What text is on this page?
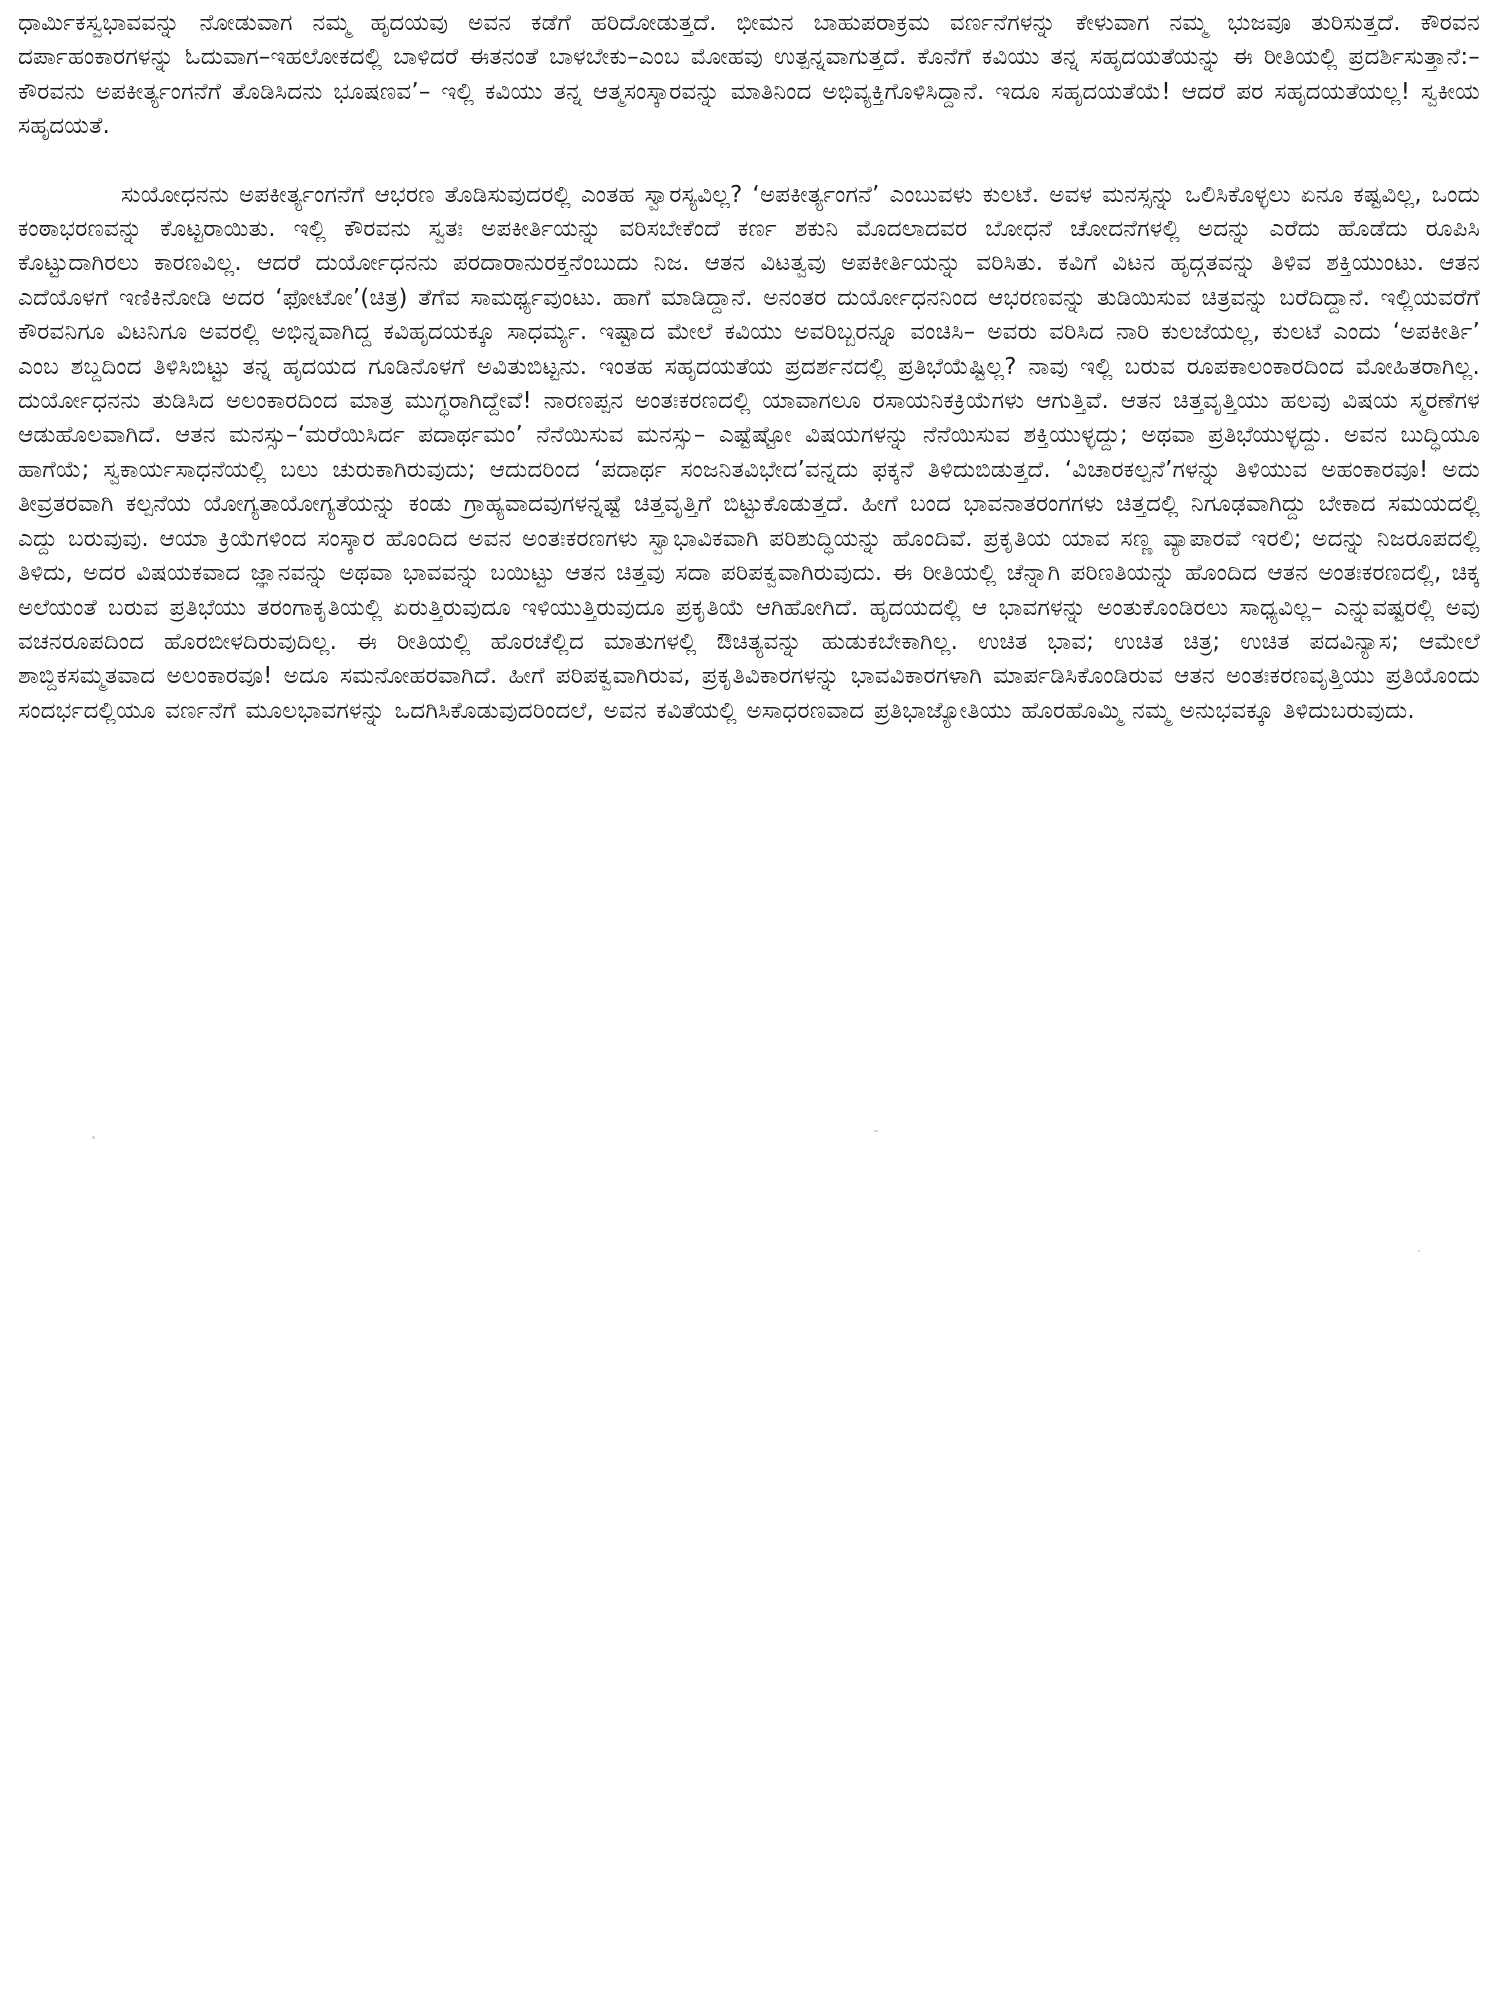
ಧಾರ್ಮಿಕಸ್ವಭಾವವನ್ನು ನೋಡುವಾಗ ನಮ್ಮ ಹೃದಯವು ಅವನ ಕಡೆಗೆ ಹರಿದೋಡುತ್ತದೆ. ಭೀಮನ ಬಾಹುಪರಾಕ್ರಮ ವರ್ಣನೆಗಳನ್ನು ಕೇಳುವಾಗ ನಮ್ಮ ಭುಜವೂ ತುರಿಸುತ್ತದೆ. ಕೌರವನ ದರ್ಪಾಹಂಕಾರಗಳನ್ನು ಓದುವಾಗ–ಇಹಲೋಕದಲ್ಲಿ ಬಾಳಿದರೆ ಈತನಂತೆ ಬಾಳಬೇಕು–ಎಂಬ ಮೋಹವು ಉತ್ಪನ್ನವಾಗುತ್ತದೆ. ಕೊನೆಗೆ ಕವಿಯು ತನ್ನ ಸಹೃದಯತೆಯನ್ನು ಈ ರೀತಿಯಲ್ಲಿ ಪ್ರದರ್ಶಿಸುತ್ತಾನೆ:– ಕೌರವನು ಅಪಕೀರ್ತ್ಯಂಗನೆಗೆ ತೊಡಿಸಿದನು ಭೂಷಣವ’– ಇಲ್ಲಿ ಕವಿಯು ತನ್ನ ಆತ್ಮಸಂಸ್ಕಾರವನ್ನು ಮಾತಿನಿಂದ ಅಭಿವ್ಯಕ್ತಿಗೊಳಿಸಿದ್ದಾನೆ. ಇದೂ ಸಹೃದಯತೆಯೆ! ಆದರೆ ಪರ ಸಹೃದಯತೆಯಲ್ಲ! ಸ್ವಕೀಯ ಸಹೃದಯತೆ.

ಸುಯೋಧನನು ಅಪಕೀರ್ತ್ಯಂಗನೆಗೆ ಆಭರಣ ತೊಡಿಸುವುದರಲ್ಲಿ ಎಂತಹ ಸ್ವಾರಸ್ಯವಿಲ್ಲ? ‘ಅಪಕೀರ್ತ್ಯಂಗನೆ’ ಎಂಬುವಳು ಕುಲಟೆ. ಅವಳ ಮನಸ್ಸನ್ನು ಒಲಿಸಿಕೊಳ್ಳಲು ಏನೂ ಕಷ್ಟವಿಲ್ಲ, ಒಂದು ಕಂಠಾಭರಣವನ್ನು ಕೊಟ್ಟರಾಯಿತು. ಇಲ್ಲಿ ಕೌರವನು ಸ್ವತಃ ಅಪಕೀರ್ತಿಯನ್ನು ವರಿಸಬೇಕೆಂದೆ ಕರ್ಣ ಶಕುನಿ ಮೊದಲಾದವರ ಬೋಧನೆ ಚೋದನೆಗಳಲ್ಲಿ ಅದನ್ನು ಎರೆದು ಹೊಡೆದು ರೂಪಿಸಿ ಕೊಟ್ಟುದಾಗಿರಲು ಕಾರಣವಿಲ್ಲ. ಆದರೆ ದುರ್ಯೋಧನನು ಪರದಾರಾನುರಕ್ತನೆಂಬುದು ನಿಜ. ಆತನ ವಿಟತ್ವವು ಅಪಕೀರ್ತಿಯನ್ನು ವರಿಸಿತು. ಕವಿಗೆ ವಿಟನ ಹೃದ್ಗತವನ್ನು ತಿಳಿವ ಶಕ್ತಿಯುಂಟು. ಆತನ ಎದೆಯೊಳಗೆ ಇಣಿಕಿನೋಡಿ ಅದರ ‘ಫೋಟೋ’(ಚಿತ್ರ) ತೆಗೆವ ಸಾಮರ್ಥ್ಯವುಂಟು. ಹಾಗೆ ಮಾಡಿದ್ದಾನೆ. ಅನಂತರ ದುರ್ಯೋಧನನಿಂದ ಆಭರಣವನ್ನು ತುಡಿಯಿಸುವ ಚಿತ್ರವನ್ನು ಬರೆದಿದ್ದಾನೆ. ಇಲ್ಲಿಯವರೆಗೆ ಕೌರವನಿಗೂ ವಿಟನಿಗೂ ಅವರಲ್ಲಿ ಅಭಿನ್ನವಾಗಿದ್ದ ಕವಿಹೃದಯಕ್ಕೂ ಸಾಧರ್ಮ್ಯ. ಇಷ್ಟಾದ ಮೇಲೆ ಕವಿಯು ಅವರಿಬ್ಬರನ್ನೂ ವಂಚಿಸಿ– ಅವರು ವರಿಸಿದ ನಾರಿ ಕುಲಜೆಯಲ್ಲ, ಕುಲಟೆ ಎಂದು ‘ಅಪಕೀರ್ತಿ’ ಎಂಬ ಶಬ್ದದಿಂದ ತಿಳಿಸಿಬಿಟ್ಟು ತನ್ನ ಹೃದಯದ ಗೂಡಿನೊಳಗೆ ಅವಿತುಬಿಟ್ಟನು. ಇಂತಹ ಸಹೃದಯತೆಯ ಪ್ರದರ್ಶನದಲ್ಲಿ ಪ್ರತಿಭೆಯೆಷ್ಟಿಲ್ಲ? ನಾವು ಇಲ್ಲಿ ಬರುವ ರೂಪಕಾಲಂಕಾರದಿಂದ ಮೋಹಿತರಾಗಿಲ್ಲ. ದುರ್ಯೋಧನನು ತುಡಿಸಿದ ಅಲಂಕಾರದಿಂದ ಮಾತ್ರ ಮುಗ್ಧರಾಗಿದ್ದೇವೆ! ನಾರಣಪ್ಪನ ಅಂತಃಕರಣದಲ್ಲಿ ಯಾವಾಗಲೂ ರಸಾಯನಿಕಕ್ರಿಯೆಗಳು ಆಗುತ್ತಿವೆ. ಆತನ ಚಿತ್ತವೃತ್ತಿಯು ಹಲವು ವಿಷಯ ಸ್ಮರಣೆಗಳ ಆಡುಹೊಲವಾಗಿದೆ. ಆತನ ಮನಸ್ಸು–‘ಮರೆಯಿಸಿರ್ದ ಪದಾರ್ಥಮಂ’ ನೆನೆಯಿಸುವ ಮನಸ್ಸು– ಎಷ್ಟೆಷ್ಟೋ ವಿಷಯಗಳನ್ನು ನೆನೆಯಿಸುವ ಶಕ್ತಿಯುಳ್ಳದ್ದು; ಅಥವಾ ಪ್ರತಿಭೆಯುಳ್ಳದ್ದು. ಅವನ ಬುದ್ಧಿಯೂ ಹಾಗೆಯೆ; ಸ್ವಕಾರ್ಯಸಾಧನೆಯಲ್ಲಿ ಬಲು ಚುರುಕಾಗಿರುವುದು; ಆದುದರಿಂದ ‘ಪದಾರ್ಥ ಸಂಜನಿತವಿಭೇದ’ವನ್ನದು ಫಕ್ಕನೆ ತಿಳಿದುಬಿಡುತ್ತದೆ. ‘ವಿಚಾರಕಲ್ಪನೆ’ಗಳನ್ನು ತಿಳಿಯುವ ಅಹಂಕಾರವೂ! ಅದು ತೀವ್ರತರವಾಗಿ ಕಲ್ಪನೆಯ ಯೋಗ್ಯತಾಯೋಗ್ಯತೆಯನ್ನು ಕಂಡು ಗ್ರಾಹ್ಯವಾದವುಗಳನ್ನಷ್ಟೆ ಚಿತ್ತವೃತ್ತಿಗೆ ಬಿಟ್ಟುಕೊಡುತ್ತದೆ. ಹೀಗೆ ಬಂದ ಭಾವನಾತರಂಗಗಳು ಚಿತ್ತದಲ್ಲಿ ನಿಗೂಢವಾಗಿದ್ದು ಬೇಕಾದ ಸಮಯದಲ್ಲಿ ಎದ್ದು ಬರುವುವು. ಆಯಾ ಕ್ರಿಯೆಗಳಿಂದ ಸಂಸ್ಕಾರ ಹೊಂದಿದ ಅವನ ಅಂತಃಕರಣಗಳು ಸ್ವಾಭಾವಿಕವಾಗಿ ಪರಿಶುದ್ಧಿಯನ್ನು ಹೊಂದಿವೆ. ಪ್ರಕೃತಿಯ ಯಾವ ಸಣ್ಣ ವ್ಯಾಪಾರವೆ ಇರಲಿ; ಅದನ್ನು ನಿಜರೂಪದಲ್ಲಿ ತಿಳಿದು, ಅದರ ವಿಷಯಕವಾದ ಜ್ಞಾನವನ್ನು ಅಥವಾ ಭಾವವನ್ನು ಬಯಿಟ್ಟು ಆತನ ಚಿತ್ತವು ಸದಾ ಪರಿಪಕ್ವವಾಗಿರುವುದು. ಈ ರೀತಿಯಲ್ಲಿ ಚೆನ್ನಾಗಿ ಪರಿಣತಿಯನ್ನು ಹೊಂದಿದ ಆತನ ಅಂತಃಕರಣದಲ್ಲಿ, ಚಿಕ್ಕ ಅಲೆಯಂತೆ ಬರುವ ಪ್ರತಿಭೆಯು ತರಂಗಾಕೃತಿಯಲ್ಲಿ ಏರುತ್ತಿರುವುದೂ ಇಳಿಯುತ್ತಿರುವುದೂ ಪ್ರಕೃತಿಯೆ ಆಗಿಹೋಗಿದೆ. ಹೃದಯದಲ್ಲಿ ಆ ಭಾವಗಳನ್ನು ಅಂತುಕೊಂಡಿರಲು ಸಾಧ್ಯವಿಲ್ಲ– ಎನ್ನುವಷ್ಟರಲ್ಲಿ ಅವು ವಚನರೂಪದಿಂದ ಹೊರಬೀಳದಿರುವುದಿಲ್ಲ. ಈ ರೀತಿಯಲ್ಲಿ ಹೊರಚೆಲ್ಲಿದ ಮಾತುಗಳಲ್ಲಿ ಔಚಿತ್ಯವನ್ನು ಹುಡುಕಬೇಕಾಗಿಲ್ಲ. ಉಚಿತ ಭಾವ; ಉಚಿತ ಚಿತ್ರ; ಉಚಿತ ಪದವಿನ್ಯಾಸ; ಆಮೇಲೆ ಶಾಬ್ದಿಕಸಮ್ಮತವಾದ ಅಲಂಕಾರವೂ! ಅದೂ ಸಮನೋಹರವಾಗಿದೆ. ಹೀಗೆ ಪರಿಪಕ್ವವಾಗಿರುವ, ಪ್ರಕೃತಿವಿಕಾರಗಳನ್ನು ಭಾವವಿಕಾರಗಳಾಗಿ ಮಾರ್ಪಡಿಸಿಕೊಂಡಿರುವ ಆತನ ಅಂತಃಕರಣವೃತ್ತಿಯು ಪ್ರತಿಯೊಂದು ಸಂದರ್ಭದಲ್ಲಿಯೂ ವರ್ಣನೆಗೆ ಮೂಲಭಾವಗಳನ್ನು ಒದಗಿಸಿಕೊಡುವುದರಿಂದಲೆ, ಅವನ ಕವಿತೆಯಲ್ಲಿ ಅಸಾಧರಣವಾದ ಪ್ರತಿಭಾಜ್ಯೋತಿಯು ಹೊರಹೊಮ್ಮಿ ನಮ್ಮ ಅನುಭವಕ್ಕೂ ತಿಳಿದುಬರುವುದು.
